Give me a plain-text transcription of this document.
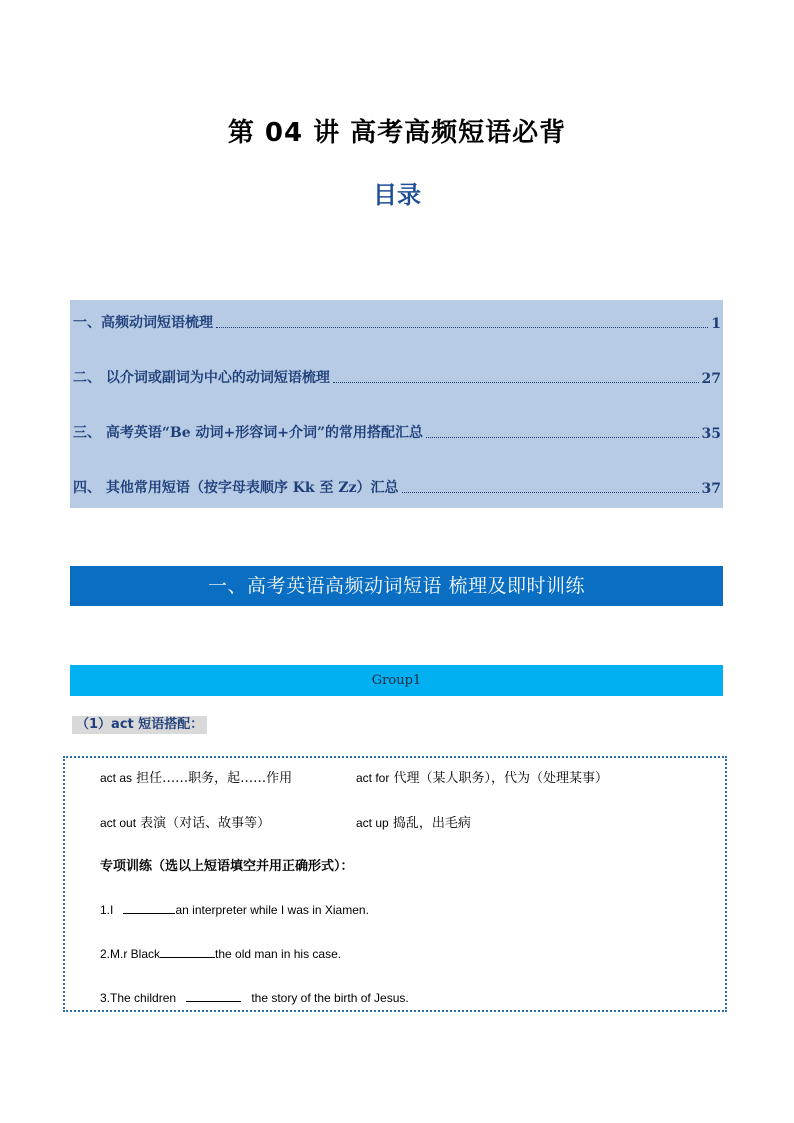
第 04 讲 高考高频短语必背
目录
一、高频动词短语梳理	1
二、 以介词或副词为中心的动词短语梳理	27
三、 高考英语“Be 动词+形容词+介词”的常用搭配汇总	35
四、 其他常用短语（按字母表顺序 Kk 至 Zz）汇总	37
一、高考英语高频动词短语 梳理及即时训练
Group1
（1）act 短语搭配：
act as 担任……职务，起……作用	act for 代理（某人职务），代为（处理某事）
act out 表演（对话、故事等）	act up 捣乱，出毛病
专项训练（选以上短语填空并用正确形式）：
1.I	an interpreter while I was in Xiamen.
2.M.r Black	the old man in his case.
3.The children	the story of the birth of Jesus.
